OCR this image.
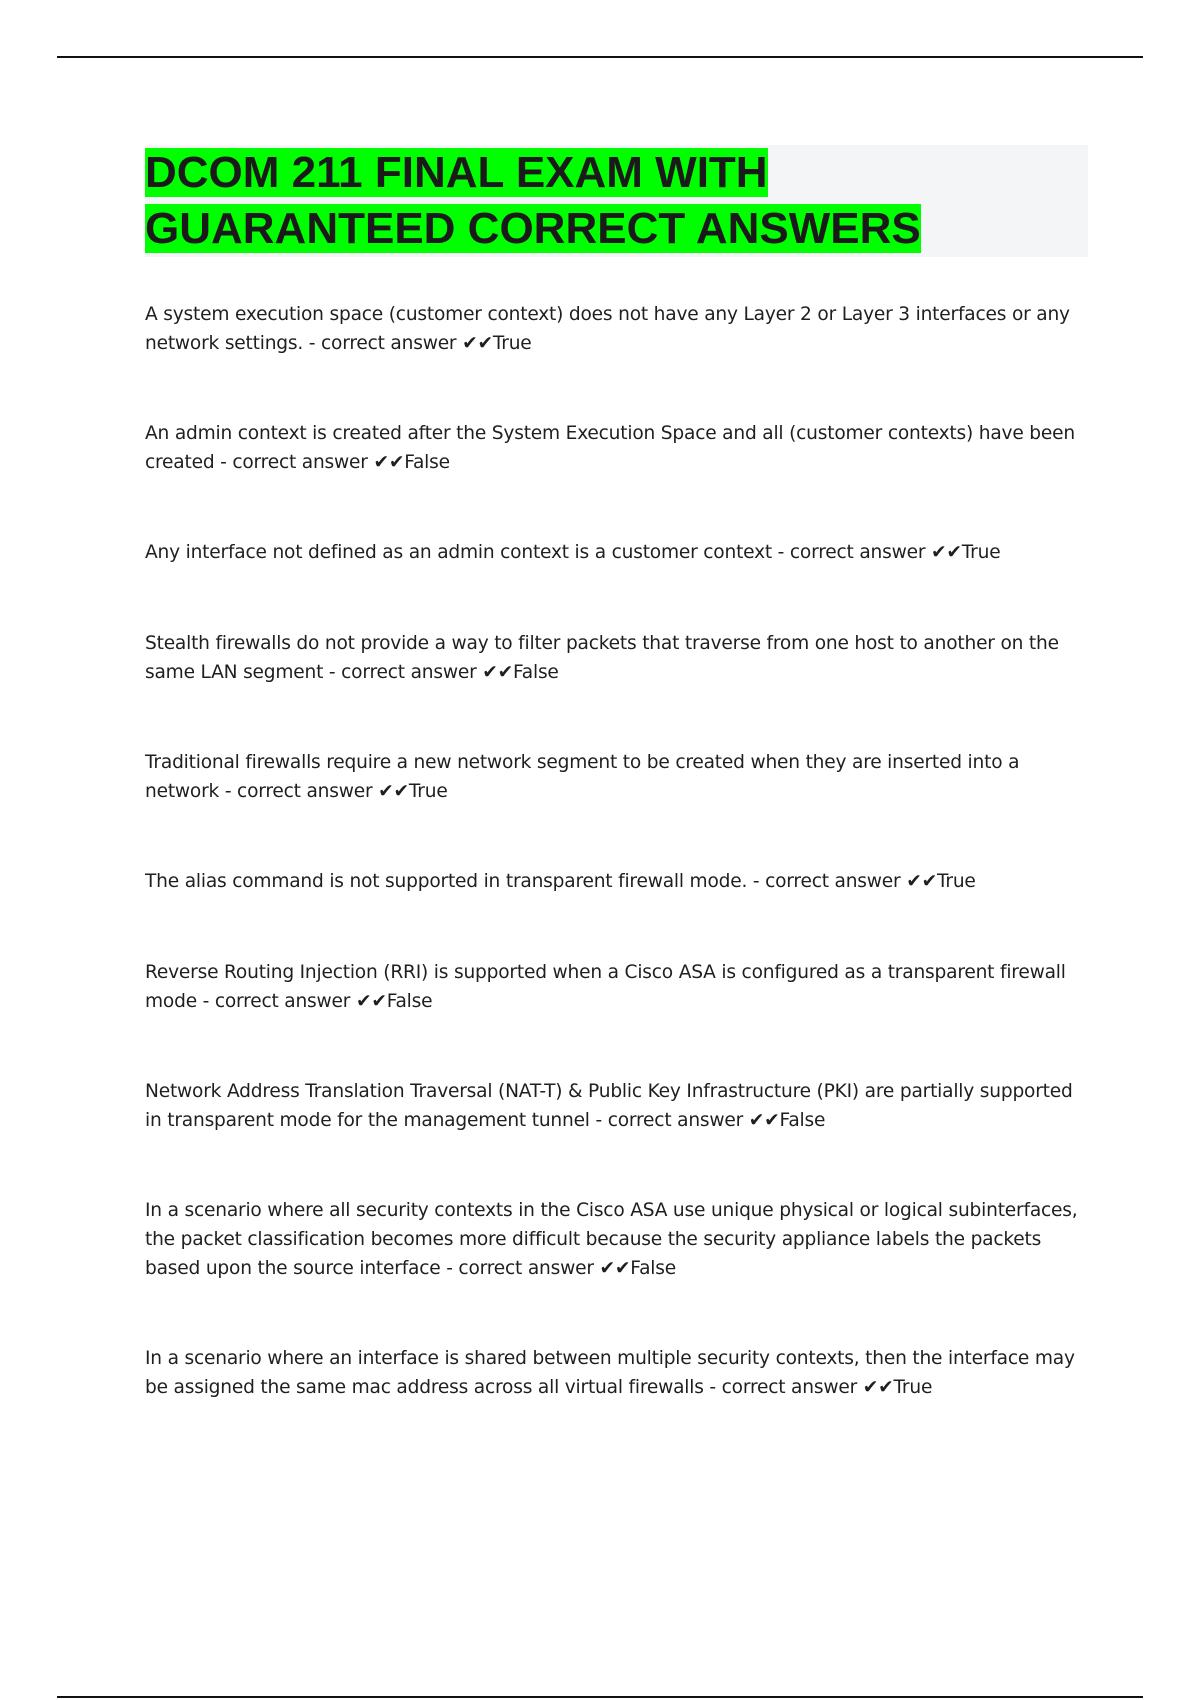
DCOM 211 FINAL EXAM WITH
GUARANTEED CORRECT ANSWERS
A system execution space (customer context) does not have any Layer 2 or Layer 3 interfaces or any network settings. - correct answer ✔✔True
An admin context is created after the System Execution Space and all (customer contexts) have been created - correct answer ✔✔False
Any interface not defined as an admin context is a customer context - correct answer ✔✔True
Stealth firewalls do not provide a way to filter packets that traverse from one host to another on the same LAN segment - correct answer ✔✔False
Traditional firewalls require a new network segment to be created when they are inserted into a network - correct answer ✔✔True
The alias command is not supported in transparent firewall mode. - correct answer ✔✔True
Reverse Routing Injection (RRI) is supported when a Cisco ASA is configured as a transparent firewall mode - correct answer ✔✔False
Network Address Translation Traversal (NAT-T) & Public Key Infrastructure (PKI) are partially supported in transparent mode for the management tunnel - correct answer ✔✔False
In a scenario where all security contexts in the Cisco ASA use unique physical or logical subinterfaces, the packet classification becomes more difficult because the security appliance labels the packets based upon the source interface - correct answer ✔✔False
In a scenario where an interface is shared between multiple security contexts, then the interface may be assigned the same mac address across all virtual firewalls - correct answer ✔✔True
